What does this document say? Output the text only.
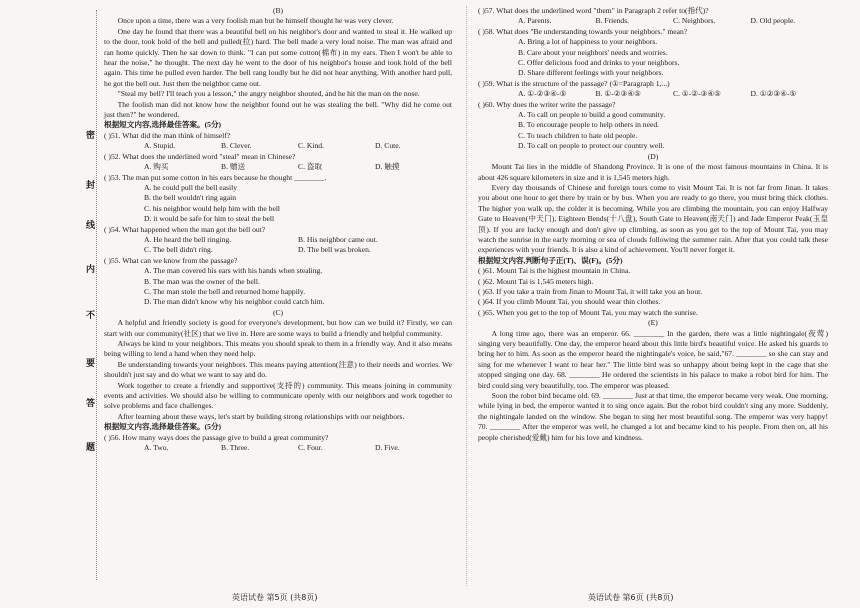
密
封
线
内
不
要
答
题

(B)

Once upon a time, there was a very foolish man but he himself thought he was very clever.

One day he found that there was a beautiful bell on his neighbor's door and wanted to steal it. He walked up to the door, took hold of the bell and pulled(拉) hard. The bell made a very loud noise. The man was afraid and ran home quickly. Then he sat down to think. "I can put some cotton(棉布) in my ears. Then I won't be able to hear the noise," he thought. The next day he went to the door of his neighbor's house and took hold of the bell again. This time he pulled even harder. The bell rang loudly but he did not hear anything. With another hard pull, he got the bell out. Just then the neighbor came out.

"Steal my bell? I'll teach you a lesson," the angry neighbor shouted, and he hit the man on the nose.

The foolish man did not know how the neighbor found out he was stealing the bell. "Why did he come out just then?" he wondered.

根据短文内容,选择最佳答案。(5分)

( )51. What did the man think of himself?

A. Stupid.	B. Clever.	C. Kind.	D. Cute.

( )52. What does the underlined word "steal" mean in Chinese?

A. 购买	B. 赠送	C. 盗取	D. 触摸

( )53. The man put some cotton in his ears because he thought ________.

A. he could pull the bell easily

B. the bell wouldn't ring again

C. his neighbor would help him with the bell

D. it would be safe for him to steal the bell

( )54. What happened when the man got the bell out?

A. He heard the bell ringing.	B. His neighbor came out.
C. The bell didn't ring.	D. The bell was broken.

( )55. What can we know from the passage?

A. The man covered his ears with his hands when stealing.

B. The man was the owner of the bell.

C. The man stole the bell and returned home happily.

D. The man didn't know why his neighbor could catch him.

(C)

A helpful and friendly society is good for everyone's development, but how can we build it? Firstly, we can start with our community(社区) that we live in. Here are some ways to build a friendly and helpful community.

Always be kind to your neighbors. This means you should speak to them in a friendly way. And it also means being willing to lend a hand when they need help.

Be understanding towards your neighbors. This means paying attention(注意) to their needs and worries. We shouldn't just say and do what we want to say and do.

Work together to create a friendly and supportive(支持的) community. This means joining in community events and activities. We should also be willing to communicate openly with our neighbors and work together to solve problems and face challenges.

After learning about these ways, let's start by building strong relationships with our neighbors.

根据短文内容,选择最佳答案。(5分)

( )56. How many ways does the passage give to build a great community?

A. Two.	B. Three.	C. Four.	D. Five.
英语试卷 第5页 (共8页)

( )57. What does the underlined word "them" in Paragraph 2 refer to(指代)?

A. Parents.	B. Friends.	C. Neighbors.	D. Old people.

( )58. What does "Be understanding towards your neighbors." mean?

A. Bring a lot of happiness to your neighbors.

B. Care about your neighbors' needs and worries.

C. Offer delicious food and drinks to your neighbors.

D. Share different feelings with your neighbors.

( )59. What is the structure of the passage? (①=Paragraph 1,...)

A. ①-②③④-⑤	B. ①-②③④⑤	C. ①-②-③④⑤	D. ①②③④-⑤

( )60. Why does the writer write the passage?

A. To call on people to build a good community.

B. To encourage people to help others in need.

C. To teach children to hate old people.

D. To call on people to protect our country well.

(D)

Mount Tai lies in the middle of Shandong Province. It is one of the most famous mountains in China. It is about 426 square kilometers in size and it is 1,545 meters high.

Every day thousands of Chinese and foreign tours come to visit Mount Tai. It is not far from Jinan. It takes you about one hour to get there by train or by bus. When you are ready to go there, you must bring thick clothes. The higher you walk up, the colder it is becoming. While you are climbing the mountain, you can enjoy Halfway Gate to Heaven(中天门), Eighteen Bends(十八盘), South Gate to Heaven(南天门) and Jade Emperor Peak(玉皇顶). If you are lucky enough and don't give up climbing, as soon as you get to the top of Mount Tai, you may watch the sunrise in the early morning or sea of clouds following the summer rain. After that you could talk these experiences with your friends. It is also a kind of achievement. You'll never forget it.

根据短文内容,判断句子正(T)、误(F)。(5分)

( )61. Mount Tai is the highest mountain in China.

( )62. Mount Tai is 1,545 meters high.

( )63. If you take a train from Jinan to Mount Tai, it will take you an hour.

( )64. If you climb Mount Tai, you should wear thin clothes.

( )65. When you get to the top of Mount Tai, you may watch the sunrise.

(E)

A long time ago, there was an emperor. 66. ________ In the garden, there was a little nightingale(夜莺) singing very beautifully. One day, the emperor heard about this little bird's beautiful voice. He asked his guards to bring her to him. As soon as the emperor heard the nightingale's voice, he said,"67. ________ so she can stay and sing for me whenever I want to hear her." The little bird was so unhappy about being kept in the cage that she stopped singing one day. 68. ________ He ordered the scientists in his palace to make a robot bird for him. The bird could sing very beautifully, too. The emperor was pleased.

Soon the robot bird became old. 69. ________ Just at that time, the emperor became very weak. One morning, while lying in bed, the emperor wanted it to sing once again. But the robot bird couldn't sing any more. Suddenly, the nightingale landed on the window. She began to sing her most beautiful song. The emperor was very happy! 70. ________ After the emperor was well, he changed a lot and became kind to his people. From then on, all his people cherished(爱戴) him for his love and kindness.

英语试卷 第6页 (共8页)
